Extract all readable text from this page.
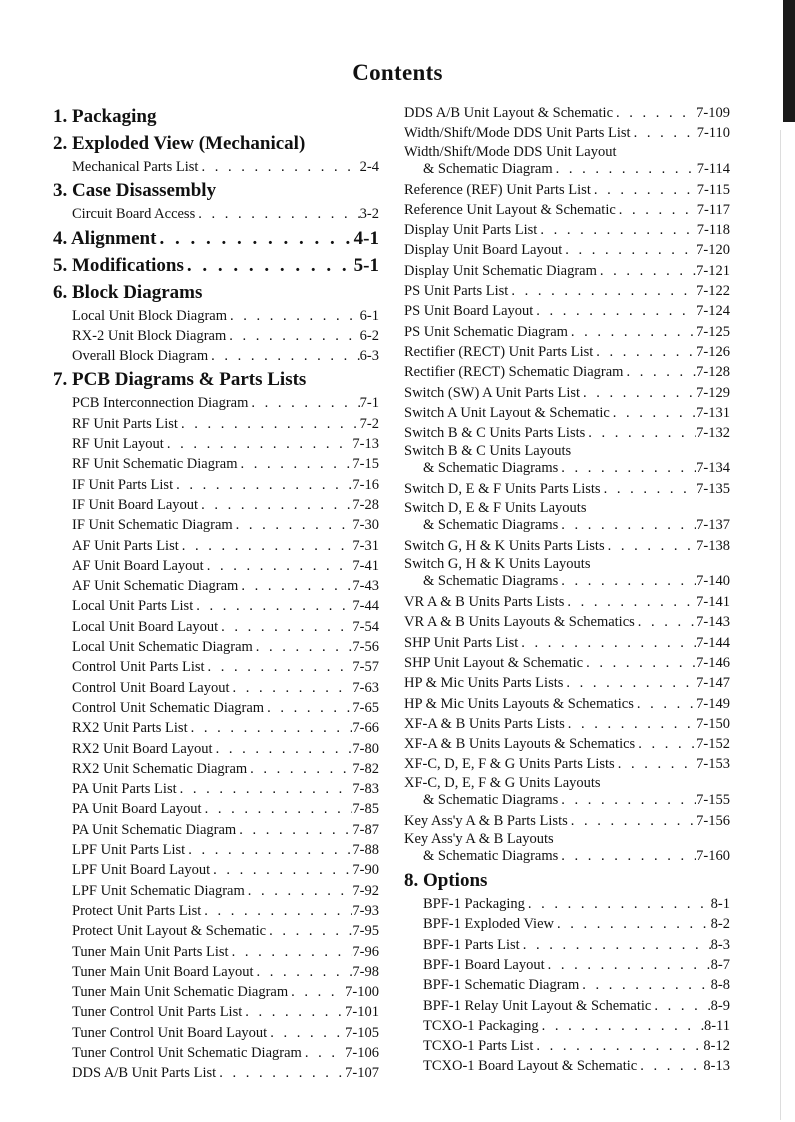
Contents
1. Packaging
2. Exploded View (Mechanical)
Mechanical Parts List . . .	2-4
3. Case Disassembly
Circuit Board Access . . .	3-2
4. Alignment . . .	4-1
5. Modifications . . .	5-1
6. Block Diagrams
Local Unit Block Diagram . . .	6-1
RX-2 Unit Block Diagram . . .	6-2
Overall Block Diagram . . .	6-3
7. PCB Diagrams & Parts Lists
PCB Interconnection Diagram . . .	7-1
RF Unit Parts List . . .	7-2
RF Unit Layout . . .	7-13
RF Unit Schematic Diagram . . .	7-15
IF Unit Parts List . . .	7-16
IF Unit Board Layout . . .	7-28
IF Unit Schematic Diagram . . .	7-30
AF Unit Parts List . . .	7-31
AF Unit Board Layout . . .	7-41
AF Unit Schematic Diagram . . .	7-43
Local Unit Parts List . . .	7-44
Local Unit Board Layout . . .	7-54
Local Unit Schematic Diagram . . .	7-56
Control Unit Parts List . . .	7-57
Control Unit Board Layout . . .	7-63
Control Unit Schematic Diagram . . .	7-65
RX2 Unit Parts List . . .	7-66
RX2 Unit Board Layout . . .	7-80
RX2 Unit Schematic Diagram . . .	7-82
PA Unit Parts List . . .	7-83
PA Unit Board Layout . . .	7-85
PA Unit Schematic Diagram . . .	7-87
LPF Unit Parts List . . .	7-88
LPF Unit Board Layout . . .	7-90
LPF Unit Schematic Diagram . . .	7-92
Protect Unit Parts List . . .	7-93
Protect Unit Layout & Schematic . . .	7-95
Tuner Main Unit Parts List . . .	7-96
Tuner Main Unit Board Layout . . .	7-98
Tuner Main Unit Schematic Diagram . . .	7-100
Tuner Control Unit Parts List . . .	7-101
Tuner Control Unit Board Layout . . .	7-105
Tuner Control Unit Schematic Diagram . . .	7-106
DDS A/B Unit Parts List . . .	7-107
DDS A/B Unit Layout & Schematic . . .	7-109
Width/Shift/Mode DDS Unit Parts List . . .	7-110
Width/Shift/Mode DDS Unit Layout
& Schematic Diagram . . .	7-114
Reference (REF) Unit Parts List . . .	7-115
Reference Unit Layout & Schematic . . .	7-117
Display Unit Parts List . . .	7-118
Display Unit Board Layout . . .	7-120
Display Unit Schematic Diagram . . .	7-121
PS Unit Parts List . . .	7-122
PS Unit Board Layout . . .	7-124
PS Unit Schematic Diagram . . .	7-125
Rectifier (RECT) Unit Parts List . . .	7-126
Rectifier (RECT) Schematic Diagram . . .	7-128
Switch (SW) A Unit Parts List . . .	7-129
Switch A Unit Layout & Schematic . . .	7-131
Switch B & C Units Parts Lists . . .	7-132
Switch B & C Units Layouts
& Schematic Diagrams . . .	7-134
Switch D, E & F Units Parts Lists . . .	7-135
Switch D, E & F Units Layouts
& Schematic Diagrams . . .	7-137
Switch G, H & K Units Parts Lists . . .	7-138
Switch G, H & K Units Layouts
& Schematic Diagrams . . .	7-140
VR A & B Units Parts Lists . . .	7-141
VR A & B Units Layouts & Schematics . . .	7-143
SHP Unit Parts List . . .	7-144
SHP Unit Layout & Schematic . . .	7-146
HP & Mic Units Parts Lists . . .	7-147
HP & Mic Units Layouts & Schematics . . .	7-149
XF-A & B Units Parts Lists . . .	7-150
XF-A & B Units Layouts & Schematics . . .	7-152
XF-C, D, E, F & G Units Parts Lists . . .	7-153
XF-C, D, E, F & G Units Layouts
& Schematic Diagrams . . .	7-155
Key Ass'y A & B Parts Lists . . .	7-156
Key Ass'y A & B Layouts
& Schematic Diagrams . . .	7-160
8. Options
BPF-1 Packaging . . .	8-1
BPF-1 Exploded View . . .	8-2
BPF-1 Parts List . . .	8-3
BPF-1 Board Layout . . .	8-7
BPF-1 Schematic Diagram . . .	8-8
BPF-1 Relay Unit Layout & Schematic . . .	8-9
TCXO-1 Packaging . . .	8-11
TCXO-1 Parts List . . .	8-12
TCXO-1 Board Layout & Schematic . . .	8-13
